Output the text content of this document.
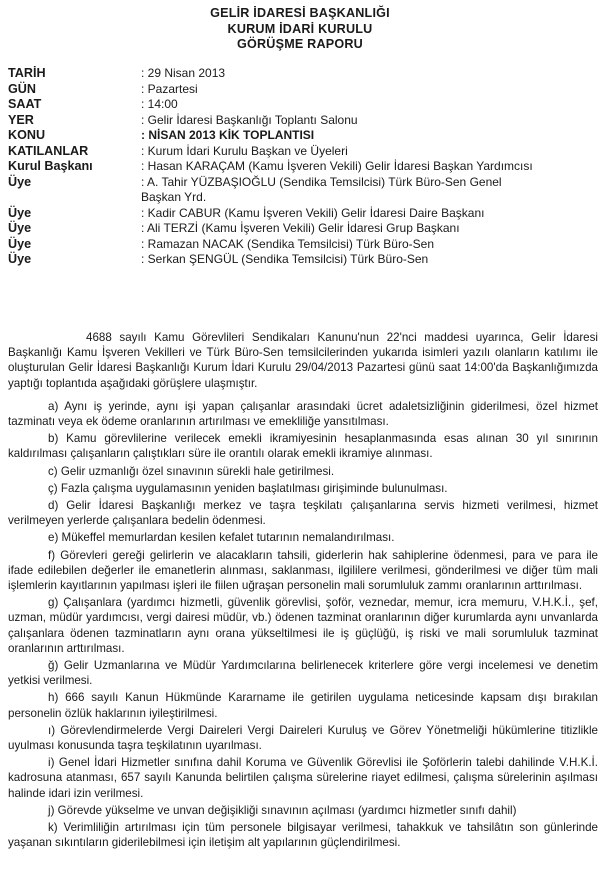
GELİR İDARESİ BAŞKANLIĞI
KURUM İDARİ KURULU
GÖRÜŞME RAPORU
TARİH	: 29 Nisan 2013
GÜN	: Pazartesi
SAAT	: 14:00
YER	: Gelir İdaresi Başkanlığı Toplantı Salonu
KONU	: NİSAN 2013 KİK TOPLANTISI
KATILANLAR	: Kurum İdari Kurulu Başkan ve Üyeleri
Kurul Başkanı	: Hasan KARAÇAM (Kamu İşveren Vekili) Gelir İdaresi Başkan Yardımcısı
Üye	: A. Tahir YÜZBAŞIOĞLU (Sendika Temsilcisi) Türk Büro-Sen Genel
Başkan Yrd.
Üye	: Kadir CABUR (Kamu İşveren Vekili) Gelir İdaresi Daire Başkanı
Üye	: Ali TERZİ (Kamu İşveren Vekili) Gelir İdaresi Grup Başkanı
Üye	: Ramazan NACAK (Sendika Temsilcisi) Türk Büro-Sen
Üye	: Serkan ŞENGÜL (Sendika Temsilcisi) Türk Büro-Sen

4688 sayılı Kamu Görevlileri Sendikaları Kanunu'nun 22'nci maddesi uyarınca, Gelir İdaresi Başkanlığı Kamu İşveren Vekilleri ve Türk Büro-Sen temsilcilerinden yukarıda isimleri yazılı olanların katılımı ile oluşturulan Gelir İdaresi Başkanlığı Kurum İdari Kurulu 29/04/2013 Pazartesi günü saat 14:00'da Başkanlığımızda yaptığı toplantıda aşağıdaki görüşlere ulaşmıştır.

a) Aynı iş yerinde, aynı işi yapan çalışanlar arasındaki ücret adaletsizliğinin giderilmesi, özel hizmet tazminatı veya ek ödeme oranlarının artırılması ve emekliliğe yansıtılması.

b) Kamu görevlilerine verilecek emekli ikramiyesinin hesaplanmasında esas alınan 30 yıl sınırının kaldırılması çalışanların çalıştıkları süre ile orantılı olarak emekli ikramiye alınması.

c) Gelir uzmanlığı özel sınavının sürekli hale getirilmesi.

ç) Fazla çalışma uygulamasının yeniden başlatılması girişiminde bulunulması.

d) Gelir İdaresi Başkanlığı merkez ve taşra teşkilatı çalışanlarına servis hizmeti verilmesi, hizmet verilmeyen yerlerde çalışanlara bedelin ödenmesi.

e) Mükeffel memurlardan kesilen kefalet tutarının nemalandırılması.

f) Görevleri gereği gelirlerin ve alacakların tahsili, giderlerin hak sahiplerine ödenmesi, para ve para ile ifade edilebilen değerler ile emanetlerin alınması, saklanması, ilgililere verilmesi, gönderilmesi ve diğer tüm mali işlemlerin kayıtlarının yapılması işleri ile fiilen uğraşan personelin mali sorumluluk zammı oranlarının arttırılması.

g) Çalışanlara (yardımcı hizmetli, güvenlik görevlisi, şoför, veznedar, memur, icra memuru, V.H.K.İ., şef, uzman, müdür yardımcısı, vergi dairesi müdür, vb.) ödenen tazminat oranlarının diğer kurumlarda aynı unvanlarda çalışanlara ödenen tazminatların aynı orana yükseltilmesi ile iş güçlüğü, iş riski ve mali sorumluluk tazminat oranlarının arttırılması.

ğ) Gelir Uzmanlarına ve Müdür Yardımcılarına belirlenecek kriterlere göre vergi incelemesi ve denetim yetkisi verilmesi.

h) 666 sayılı Kanun Hükmünde Kararname ile getirilen uygulama neticesinde kapsam dışı bırakılan personelin özlük haklarının iyileştirilmesi.

ı) Görevlendirmelerde Vergi Daireleri Vergi Daireleri Kuruluş ve Görev Yönetmeliği hükümlerine titizlikle uyulması konusunda taşra teşkilatının uyarılması.

i) Genel İdari Hizmetler sınıfına dahil Koruma ve Güvenlik Görevlisi ile Şoförlerin talebi dahilinde V.H.K.İ. kadrosuna atanması, 657 sayılı Kanunda belirtilen çalışma sürelerine riayet edilmesi, çalışma sürelerinin aşılması halinde idari izin verilmesi.

j) Görevde yükselme ve unvan değişikliği sınavının açılması (yardımcı hizmetler sınıfı dahil)

k) Verimliliğin artırılması için tüm personele bilgisayar verilmesi, tahakkuk ve tahsilâtın son günlerinde yaşanan sıkıntıların giderilebilmesi için iletişim alt yapılarının güçlendirilmesi.
